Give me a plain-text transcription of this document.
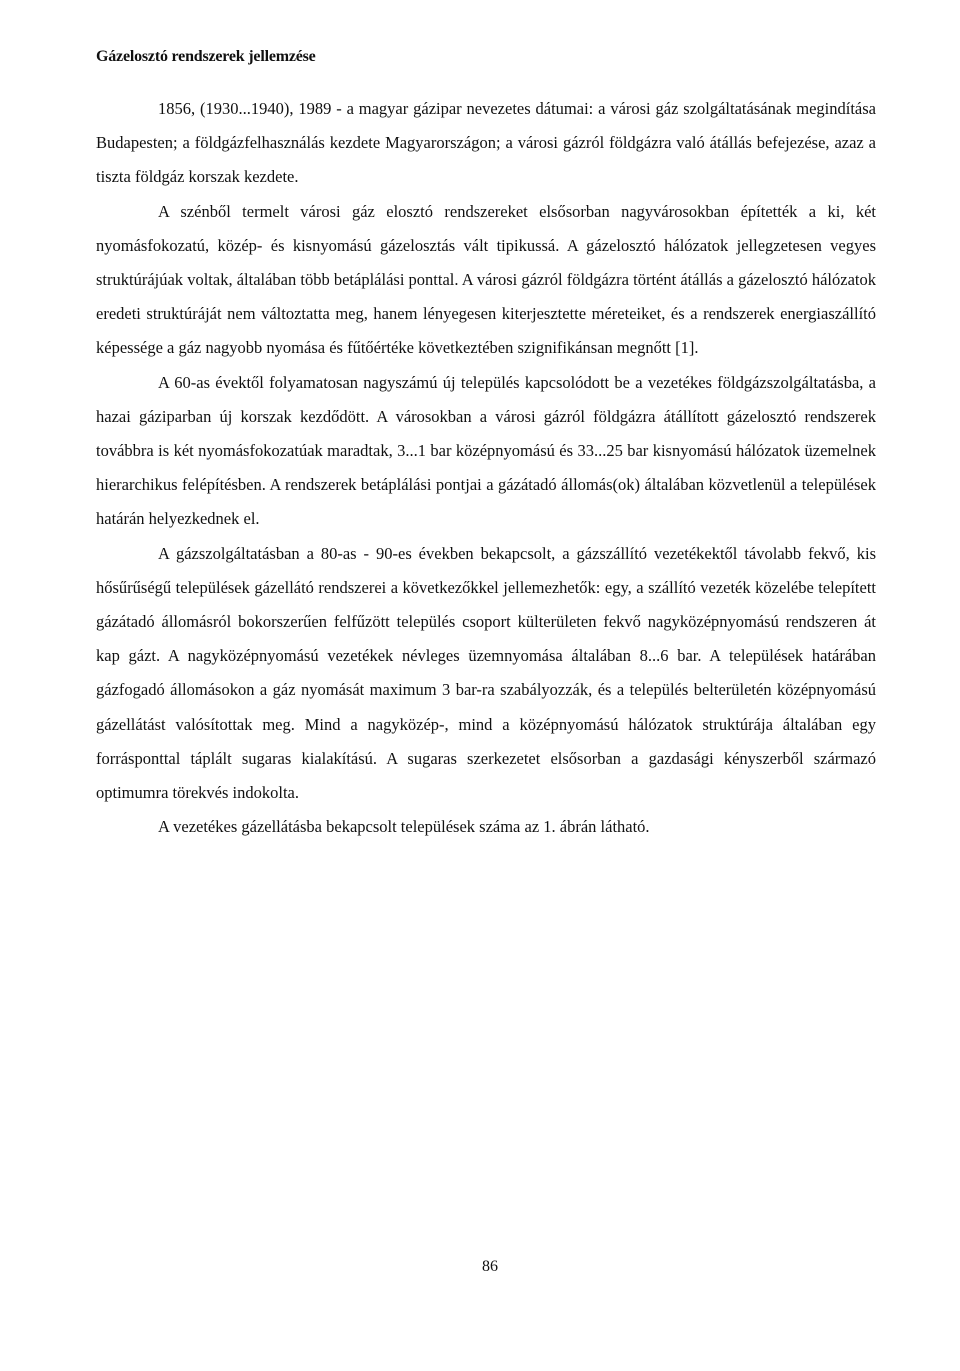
Gázelosztó rendszerek jellemzése

1856, (1930...1940), 1989 - a magyar gázipar nevezetes dátumai: a városi gáz szolgáltatásának megindítása Budapesten; a földgázfelhasználás kezdete Magyarországon; a városi gázról földgázra való átállás befejezése, azaz a tiszta földgáz korszak kezdete.

A szénből termelt városi gáz elosztó rendszereket elsősorban nagyvárosokban építették a ki, két nyomásfokozatú, közép- és kisnyomású gázelosztás vált tipikussá. A gázelosztó hálózatok jellegzetesen vegyes struktúrájúak voltak, általában több betáplálási ponttal. A városi gázról földgázra történt átállás a gázelosztó hálózatok eredeti struktúráját nem változtatta meg, hanem lényegesen kiterjesztette méreteiket, és a rendszerek energiaszállító képessége a gáz nagyobb nyomása és fűtőértéke következtében szignifikánsan megnőtt [1].

A 60-as évektől folyamatosan nagyszámú új település kapcsolódott be a vezetékes földgázszolgáltatásba, a hazai gáziparban új korszak kezdődött. A városokban a városi gázról földgázra átállított gázelosztó rendszerek továbbra is két nyomásfokozatúak maradtak, 3...1 bar középnyomású és 33...25 bar kisnyomású hálózatok üzemelnek hierarchikus felépítésben. A rendszerek betáplálási pontjai a gázátadó állomás(ok) általában közvetlenül a települések határán helyezkednek el.

A gázszolgáltatásban a 80-as - 90-es években bekapcsolt, a gázszállító vezetékektől távolabb fekvő, kis hősűrűségű települések gázellátó rendszerei a következőkkel jellemezhetők: egy, a szállító vezeték közelébe telepített gázátadó állomásról bokorszerűen felfűzött település csoport külterületen fekvő nagyközépnyomású rendszeren át kap gázt. A nagyközépnyomású vezetékek névleges üzemnyomása általában 8...6 bar. A települések határában gázfogadó állomásokon a gáz nyomását maximum 3 bar-ra szabályozzák, és a település belterületén középnyomású gázellátást valósítottak meg. Mind a nagyközép-, mind a középnyomású hálózatok struktúrája általában egy forrásponttal táplált sugaras kialakítású. A sugaras szerkezetet elsősorban a gazdasági kényszerből származó optimumra törekvés indokolta.

A vezetékes gázellátásba bekapcsolt települések száma az 1. ábrán látható.

86
